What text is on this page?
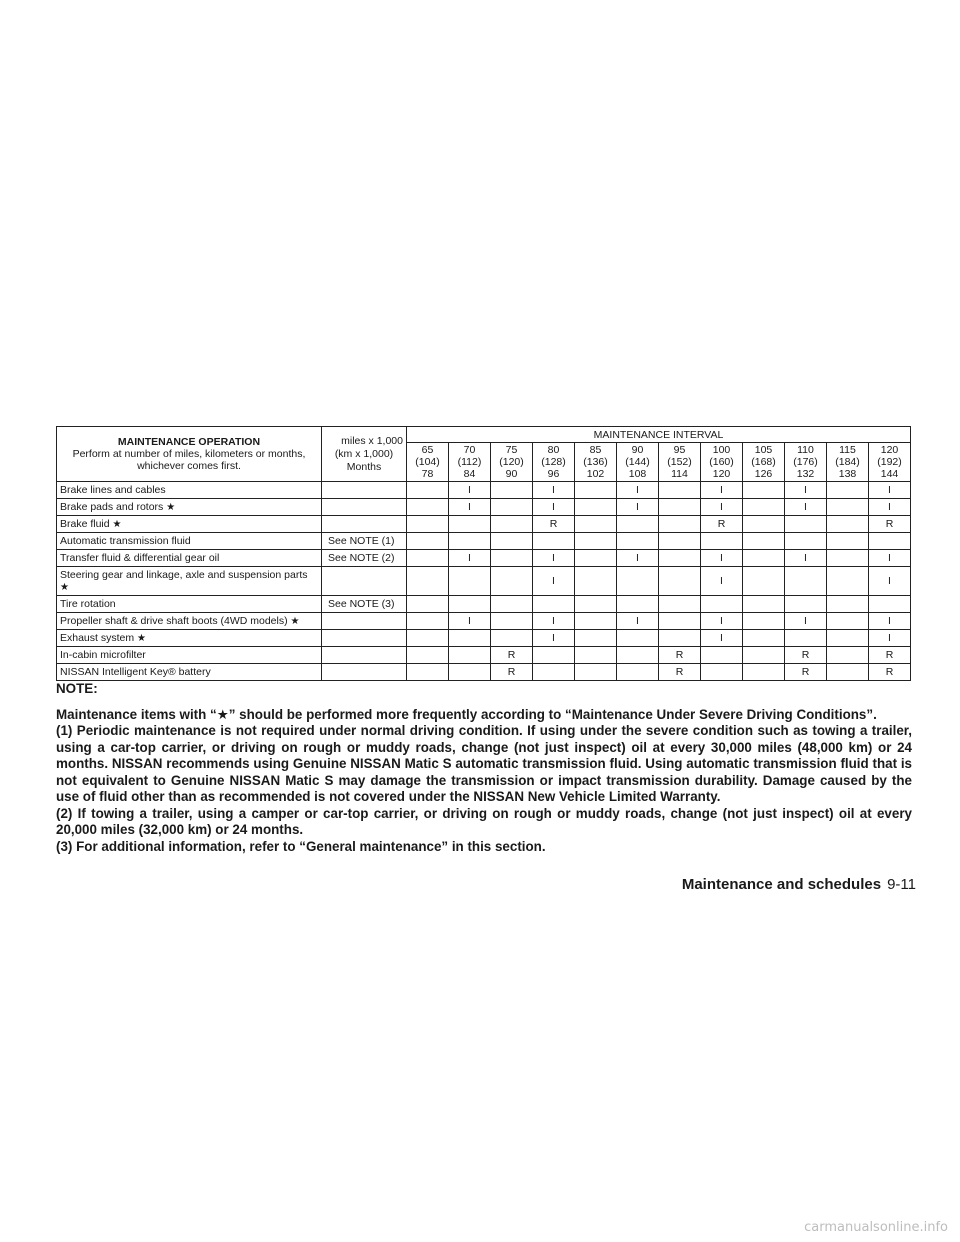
MAINTENANCE OPERATION
Perform at number of miles, kilometers or months, whichever comes first.	miles x 1,000
(km x 1,000)
Months	MAINTENANCE INTERVAL											

		65
(104)
78	70
(112)
84	75
(120)
90	80
(128)
96	85
(136)
102	90
(144)
108	95
(152)
114	100
(160)
120	105
(168)
126	110
(176)
132	115
(184)
138	120
(192)
144

Brake lines and cables			I		I		I		I		I		I
Brake pads and rotors ★			I		I		I		I		I		I
Brake fluid ★					R				R				R
Automatic transmission fluid	See NOTE (1)												
Transfer fluid & differential gear oil	See NOTE (2)		I		I		I		I		I		I
Steering gear and linkage, axle and suspension parts
★					I				I				I
Tire rotation	See NOTE (3)												
Propeller shaft & drive shaft boots (4WD models) ★			I		I		I		I		I		I
Exhaust system ★					I				I				I
In-cabin microfilter				R				R			R		R
NISSAN Intelligent Key® battery				R				R			R		R

NOTE:

Maintenance items with “★” should be performed more frequently according to “Maintenance Under Severe Driving Conditions”.

(1) Periodic maintenance is not required under normal driving condition. If using under the severe condition such as towing a trailer, using a car-top carrier, or driving on rough or muddy roads, change (not just inspect) oil at every 30,000 miles (48,000 km) or 24 months. NISSAN recommends using Genuine NISSAN Matic S automatic transmission fluid. Using automatic transmission fluid that is not equivalent to Genuine NISSAN Matic S may damage the transmission or impact transmission durability. Damage caused by the use of fluid other than as recommended is not covered under the NISSAN New Vehicle Limited Warranty.

(2) If towing a trailer, using a camper or car-top carrier, or driving on rough or muddy roads, change (not just inspect) oil at every 20,000 miles (32,000 km) or 24 months.

(3) For additional information, refer to “General maintenance” in this section.

Maintenance and schedules 9-11
carmanualsonline.info
